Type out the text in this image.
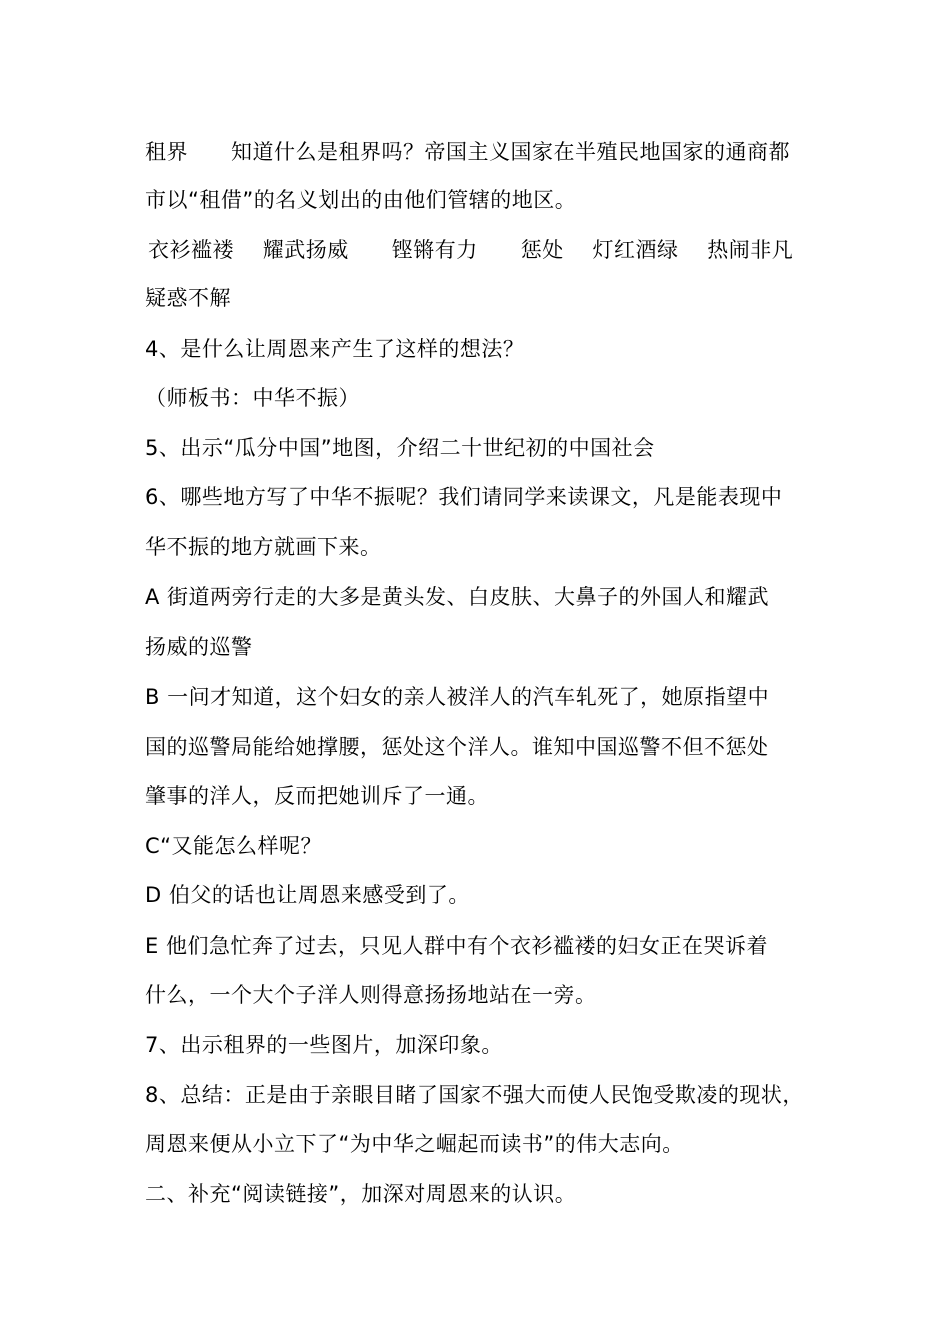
租界      知道什么是租界吗？帝国主义国家在半殖民地国家的通商都
市以“租借”的名义划出的由他们管辖的地区。
衣衫褴褛    耀武扬威      铿锵有力      惩处    灯红酒绿    热闹非凡
疑惑不解
4、是什么让周恩来产生了这样的想法？
（师板书：中华不振）
5、出示“瓜分中国”地图，介绍二十世纪初的中国社会
6、哪些地方写了中华不振呢？我们请同学来读课文，凡是能表现中
华不振的地方就画下来。
A 街道两旁行走的大多是黄头发、白皮肤、大鼻子的外国人和耀武
扬威的巡警
B 一问才知道，这个妇女的亲人被洋人的汽车轧死了，她原指望中
国的巡警局能给她撑腰，惩处这个洋人。谁知中国巡警不但不惩处
肇事的洋人，反而把她训斥了一通。
C“又能怎么样呢？
D 伯父的话也让周恩来感受到了。
E 他们急忙奔了过去，只见人群中有个衣衫褴褛的妇女正在哭诉着
什么，一个大个子洋人则得意扬扬地站在一旁。
7、出示租界的一些图片，加深印象。
8、总结：正是由于亲眼目睹了国家不强大而使人民饱受欺凌的现状，
周恩来便从小立下了“为中华之崛起而读书”的伟大志向。
二、补充“阅读链接”，加深对周恩来的认识。
